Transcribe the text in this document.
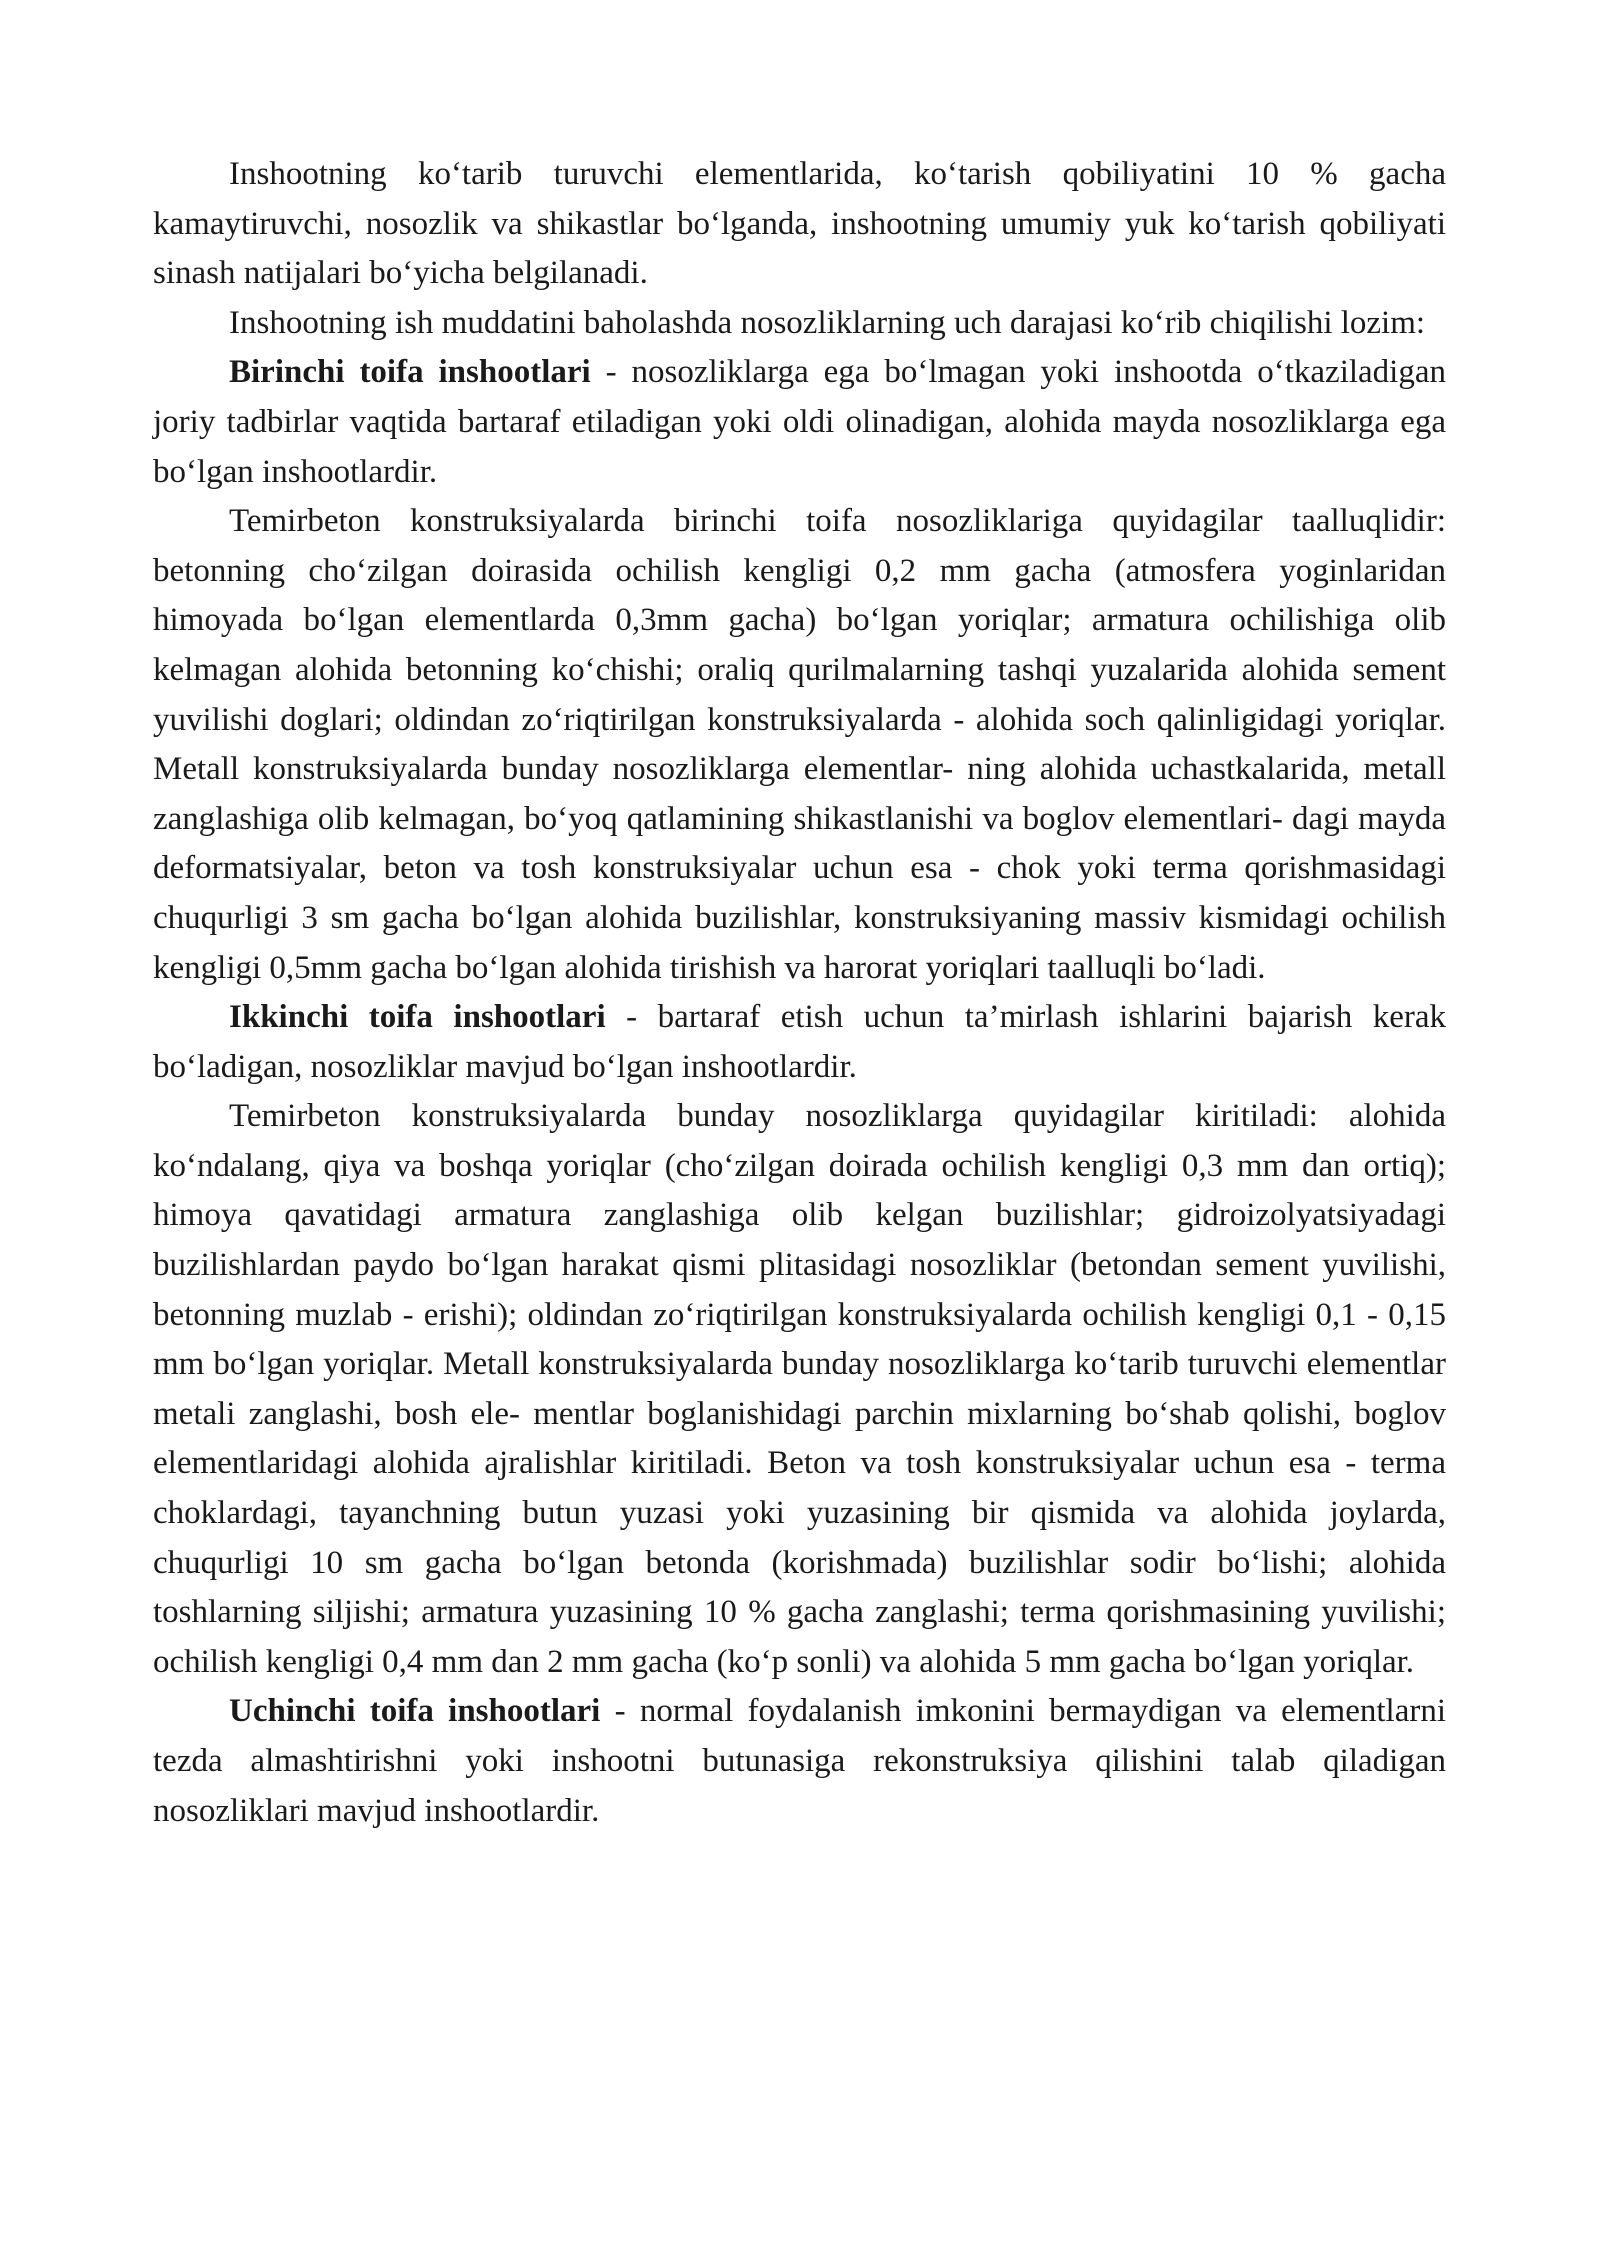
Inshootning ko‘tarib turuvchi elementlarida, ko‘tarish qobiliyatini 10 % gacha kamaytiruvchi, nosozlik va shikastlar bo‘lganda, inshootning umumiy yuk ko‘tarish qobiliyati sinash natijalari bo‘yicha belgilanadi.

Inshootning ish muddatini baholashda nosozliklarning uch darajasi ko‘rib chiqilishi lozim:

Birinchi toifa inshootlari - nosozliklarga ega bo‘lmagan yoki inshootda o‘tkaziladigan joriy tadbirlar vaqtida bartaraf etiladigan yoki oldi olinadigan, alohida mayda nosozliklarga ega bo‘lgan inshootlardir.

Temirbeton konstruksiyalarda birinchi toifa nosozliklariga quyidagilar taalluqlidir: betonning cho‘zilgan doirasida ochilish kengligi 0,2 mm gacha (atmosfera yoginlaridan himoyada bo‘lgan elementlarda 0,3mm gacha) bo‘lgan yoriqlar; armatura ochilishiga olib kelmagan alohida betonning ko‘chishi; oraliq qurilmalarning tashqi yuzalarida alohida sement yuvilishi doglari; oldindan zo‘riqtirilgan konstruksiyalarda - alohida soch qalinligidagi yoriqlar. Metall konstruksiyalarda bunday nosozliklarga elementlar- ning alohida uchastkalarida, metall zanglashiga olib kelmagan, bo‘yoq qatlamining shikastlanishi va boglov elementlari- dagi mayda deformatsiyalar, beton va tosh konstruksiyalar uchun esa - chok yoki terma qorishmasidagi chuqurligi 3 sm gacha bo‘lgan alohida buzilishlar, konstruksiyaning massiv kismidagi ochilish kengligi 0,5mm gacha bo‘lgan alohida tirishish va harorat yoriqlari taalluqli bo‘ladi.

Ikkinchi toifa inshootlari - bartaraf etish uchun ta’mirlash ishlarini bajarish kerak bo‘ladigan, nosozliklar mavjud bo‘lgan inshootlardir.

Temirbeton konstruksiyalarda bunday nosozliklarga quyidagilar kiritiladi: alohida ko‘ndalang, qiya va boshqa yoriqlar (cho‘zilgan doirada ochilish kengligi 0,3 mm dan ortiq); himoya qavatidagi armatura zanglashiga olib kelgan buzilishlar; gidroizolyatsiyadagi buzilishlardan paydo bo‘lgan harakat qismi plitasidagi nosozliklar (betondan sement yuvilishi, betonning muzlab - erishi); oldindan zo‘riqtirilgan konstruksiyalarda ochilish kengligi 0,1 - 0,15 mm bo‘lgan yoriqlar. Metall konstruksiyalarda bunday nosozliklarga ko‘tarib turuvchi elementlar metali zanglashi, bosh ele- mentlar boglanishidagi parchin mixlarning bo‘shab qolishi, boglov elementlaridagi alohida ajralishlar kiritiladi. Beton va tosh konstruksiyalar uchun esa - terma choklardagi, tayanchning butun yuzasi yoki yuzasining bir qismida va alohida joylarda, chuqurligi 10 sm gacha bo‘lgan betonda (korishmada) buzilishlar sodir bo‘lishi; alohida toshlarning siljishi; armatura yuzasining 10 % gacha zanglashi; terma qorishmasining yuvilishi; ochilish kengligi 0,4 mm dan 2 mm gacha (ko‘p sonli) va alohida 5 mm gacha bo‘lgan yoriqlar.

Uchinchi toifa inshootlari - normal foydalanish imkonini bermaydigan va elementlarni tezda almashtirishni yoki inshootni butunasiga rekonstruksiya qilishini talab qiladigan nosozliklari mavjud inshootlardir.
